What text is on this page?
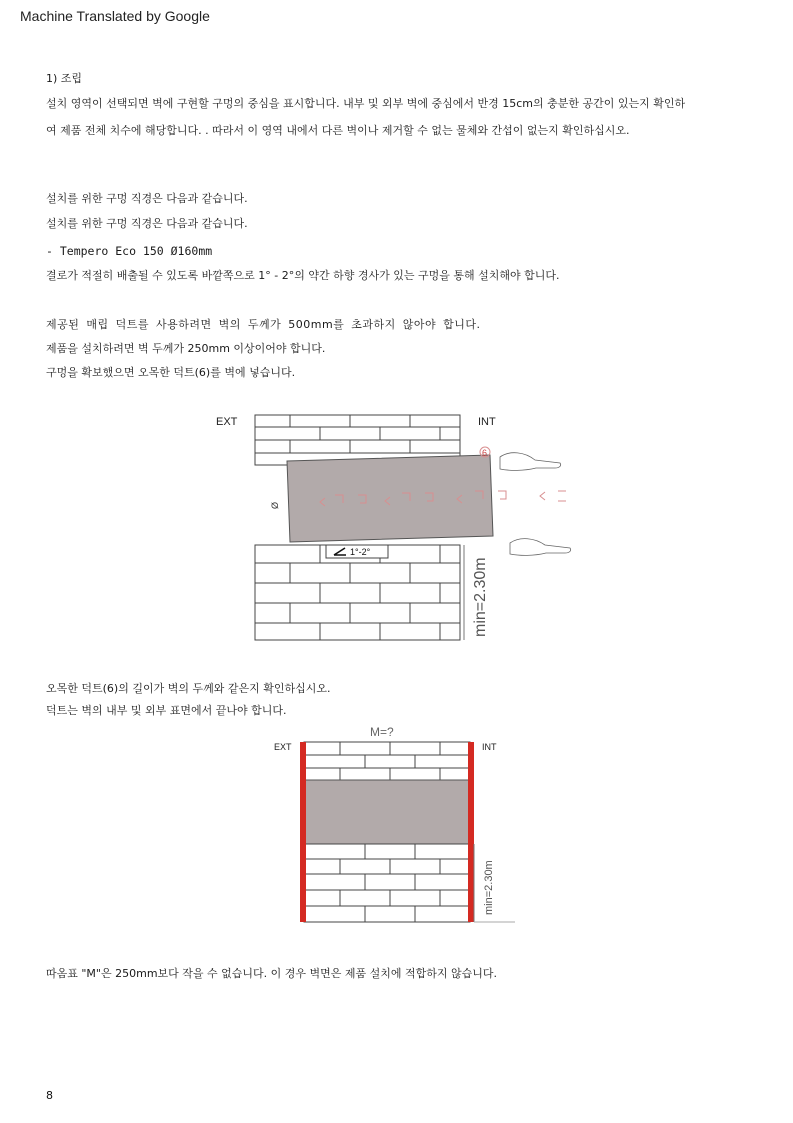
Machine Translated by Google
1) 조립
설치 영역이 선택되면 벽에 구현할 구멍의 중심을 표시합니다. 내부 및 외부 벽에 중심에서 반경 15cm의 충분한 공간이 있는지 확인하
여 제품 전체 치수에 해당합니다. . 따라서 이 영역 내에서 다른 벽이나 제거할 수 없는 물체와 간섭이 없는지 확인하십시오.
설치를 위한 구멍 직경은 다음과 같습니다.
설치를 위한 구멍 직경은 다음과 같습니다.
- Tempero Eco 150 Ø160mm
결로가 적절히 배출될 수 있도록 바깥쪽으로 1° - 2°의 약간 하향 경사가 있는 구멍을 통해 설치해야 합니다.
제공된 매립 덕트를 사용하려면 벽의 두께가 500mm를 초과하지 않아야 합니다.
제품을 설치하려면 벽 두께가 250mm 이상이어야 합니다.
구멍을 확보했으면 오목한 덕트(6)를 벽에 넣습니다.
EXT	INT
6
Ø
1°-2°
min=2.30m
오목한 덕트(6)의 길이가 벽의 두께와 같은지 확인하십시오.
덕트는 벽의 내부 및 외부 표면에서 끝나야 합니다.
M=?
EXT	INT
min=2.30m
따옴표 "M"은 250mm보다 작을 수 없습니다. 이 경우 벽면은 제품 설치에 적합하지 않습니다.
8
